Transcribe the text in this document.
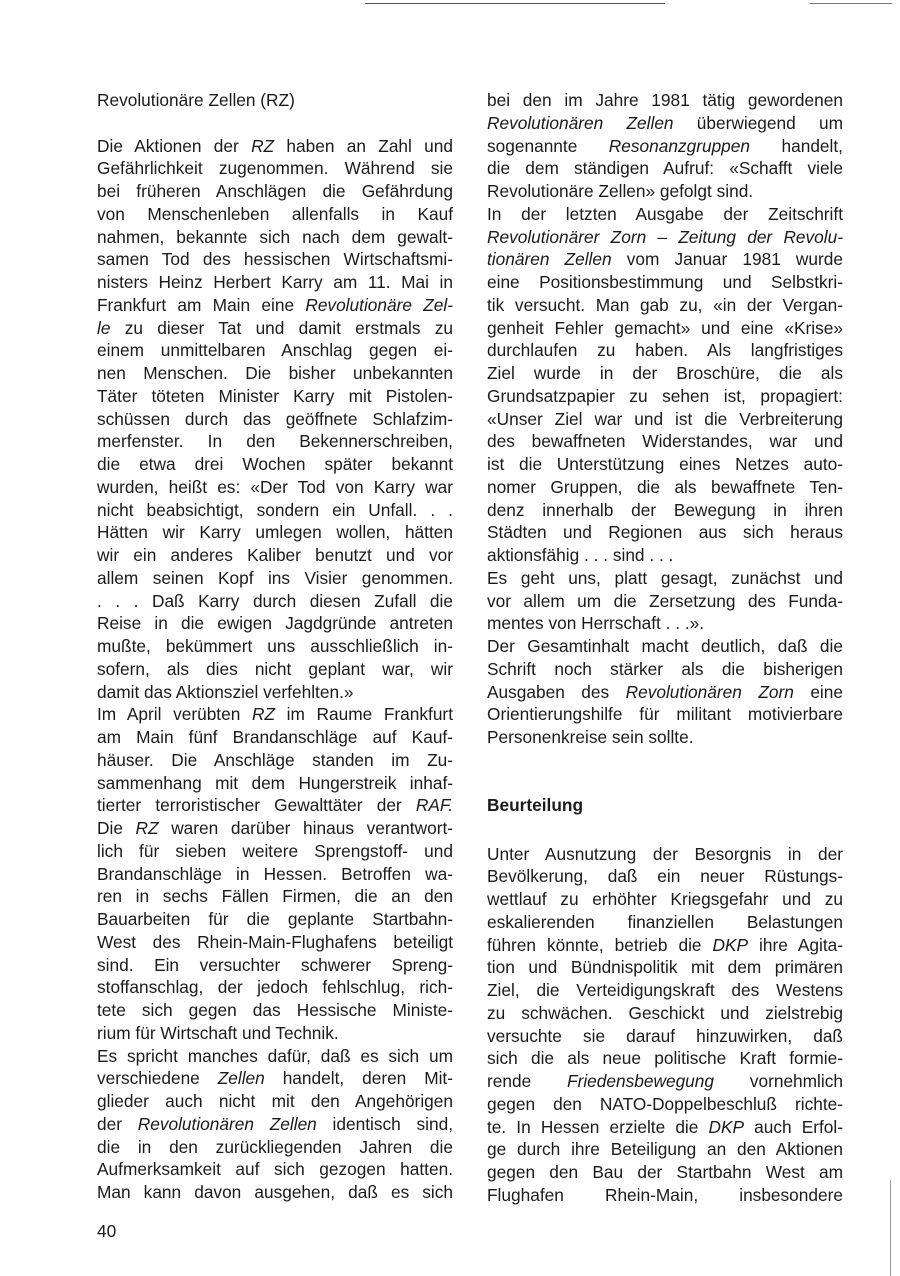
Revolutionäre Zellen (RZ)
Die Aktionen der RZ haben an Zahl und
Gefährlichkeit zugenommen. Während sie
bei früheren Anschlägen die Gefährdung
von Menschenleben allenfalls in Kauf
nahmen, bekannte sich nach dem gewalt-
samen Tod des hessischen Wirtschaftsmi-
nisters Heinz Herbert Karry am 11. Mai in
Frankfurt am Main eine Revolutionäre Zel-
le zu dieser Tat und damit erstmals zu
einem unmittelbaren Anschlag gegen ei-
nen Menschen. Die bisher unbekannten
Täter töteten Minister Karry mit Pistolen-
schüssen durch das geöffnete Schlafzim-
merfenster. In den Bekennerschreiben,
die etwa drei Wochen später bekannt
wurden, heißt es: «Der Tod von Karry war
nicht beabsichtigt, sondern ein Unfall. . .
Hätten wir Karry umlegen wollen, hätten
wir ein anderes Kaliber benutzt und vor
allem seinen Kopf ins Visier genommen.
. . . Daß Karry durch diesen Zufall die
Reise in die ewigen Jagdgründe antreten
mußte, bekümmert uns ausschließlich in-
sofern, als dies nicht geplant war, wir
damit das Aktionsziel verfehlten.»
Im April verübten RZ im Raume Frankfurt
am Main fünf Brandanschläge auf Kauf-
häuser. Die Anschläge standen im Zu-
sammenhang mit dem Hungerstreik inhaf-
tierter terroristischer Gewalttäter der RAF.
Die RZ waren darüber hinaus verantwort-
lich für sieben weitere Sprengstoff- und
Brandanschläge in Hessen. Betroffen wa-
ren in sechs Fällen Firmen, die an den
Bauarbeiten für die geplante Startbahn-
West des Rhein-Main-Flughafens beteiligt
sind. Ein versuchter schwerer Spreng-
stoffanschlag, der jedoch fehlschlug, rich-
tete sich gegen das Hessische Ministe-
rium für Wirtschaft und Technik.
Es spricht manches dafür, daß es sich um
verschiedene Zellen handelt, deren Mit-
glieder auch nicht mit den Angehörigen
der Revolutionären Zellen identisch sind,
die in den zurückliegenden Jahren die
Aufmerksamkeit auf sich gezogen hatten.
Man kann davon ausgehen, daß es sich
bei den im Jahre 1981 tätig gewordenen
Revolutionären Zellen überwiegend um
sogenannte Resonanzgruppen handelt,
die dem ständigen Aufruf: «Schafft viele
Revolutionäre Zellen» gefolgt sind.
In der letzten Ausgabe der Zeitschrift
Revolutionärer Zorn – Zeitung der Revolu-
tionären Zellen vom Januar 1981 wurde
eine Positionsbestimmung und Selbstkri-
tik versucht. Man gab zu, «in der Vergan-
genheit Fehler gemacht» und eine «Krise»
durchlaufen zu haben. Als langfristiges
Ziel wurde in der Broschüre, die als
Grundsatzpapier zu sehen ist, propagiert:
«Unser Ziel war und ist die Verbreiterung
des bewaffneten Widerstandes, war und
ist die Unterstützung eines Netzes auto-
nomer Gruppen, die als bewaffnete Ten-
denz innerhalb der Bewegung in ihren
Städten und Regionen aus sich heraus
aktionsfähig . . . sind . . .
Es geht uns, platt gesagt, zunächst und
vor allem um die Zersetzung des Funda-
mentes von Herrschaft . . .».
Der Gesamtinhalt macht deutlich, daß die
Schrift noch stärker als die bisherigen
Ausgaben des Revolutionären Zorn eine
Orientierungshilfe für militant motivierbare
Personenkreise sein sollte.
Beurteilung
Unter Ausnutzung der Besorgnis in der
Bevölkerung, daß ein neuer Rüstungs-
wettlauf zu erhöhter Kriegsgefahr und zu
eskalierenden finanziellen Belastungen
führen könnte, betrieb die DKP ihre Agita-
tion und Bündnispolitik mit dem primären
Ziel, die Verteidigungskraft des Westens
zu schwächen. Geschickt und zielstrebig
versuchte sie darauf hinzuwirken, daß
sich die als neue politische Kraft formie-
rende Friedensbewegung vornehmlich
gegen den NATO-Doppelbeschluß richte-
te. In Hessen erzielte die DKP auch Erfol-
ge durch ihre Beteiligung an den Aktionen
gegen den Bau der Startbahn West am
Flughafen Rhein-Main, insbesondere
40
